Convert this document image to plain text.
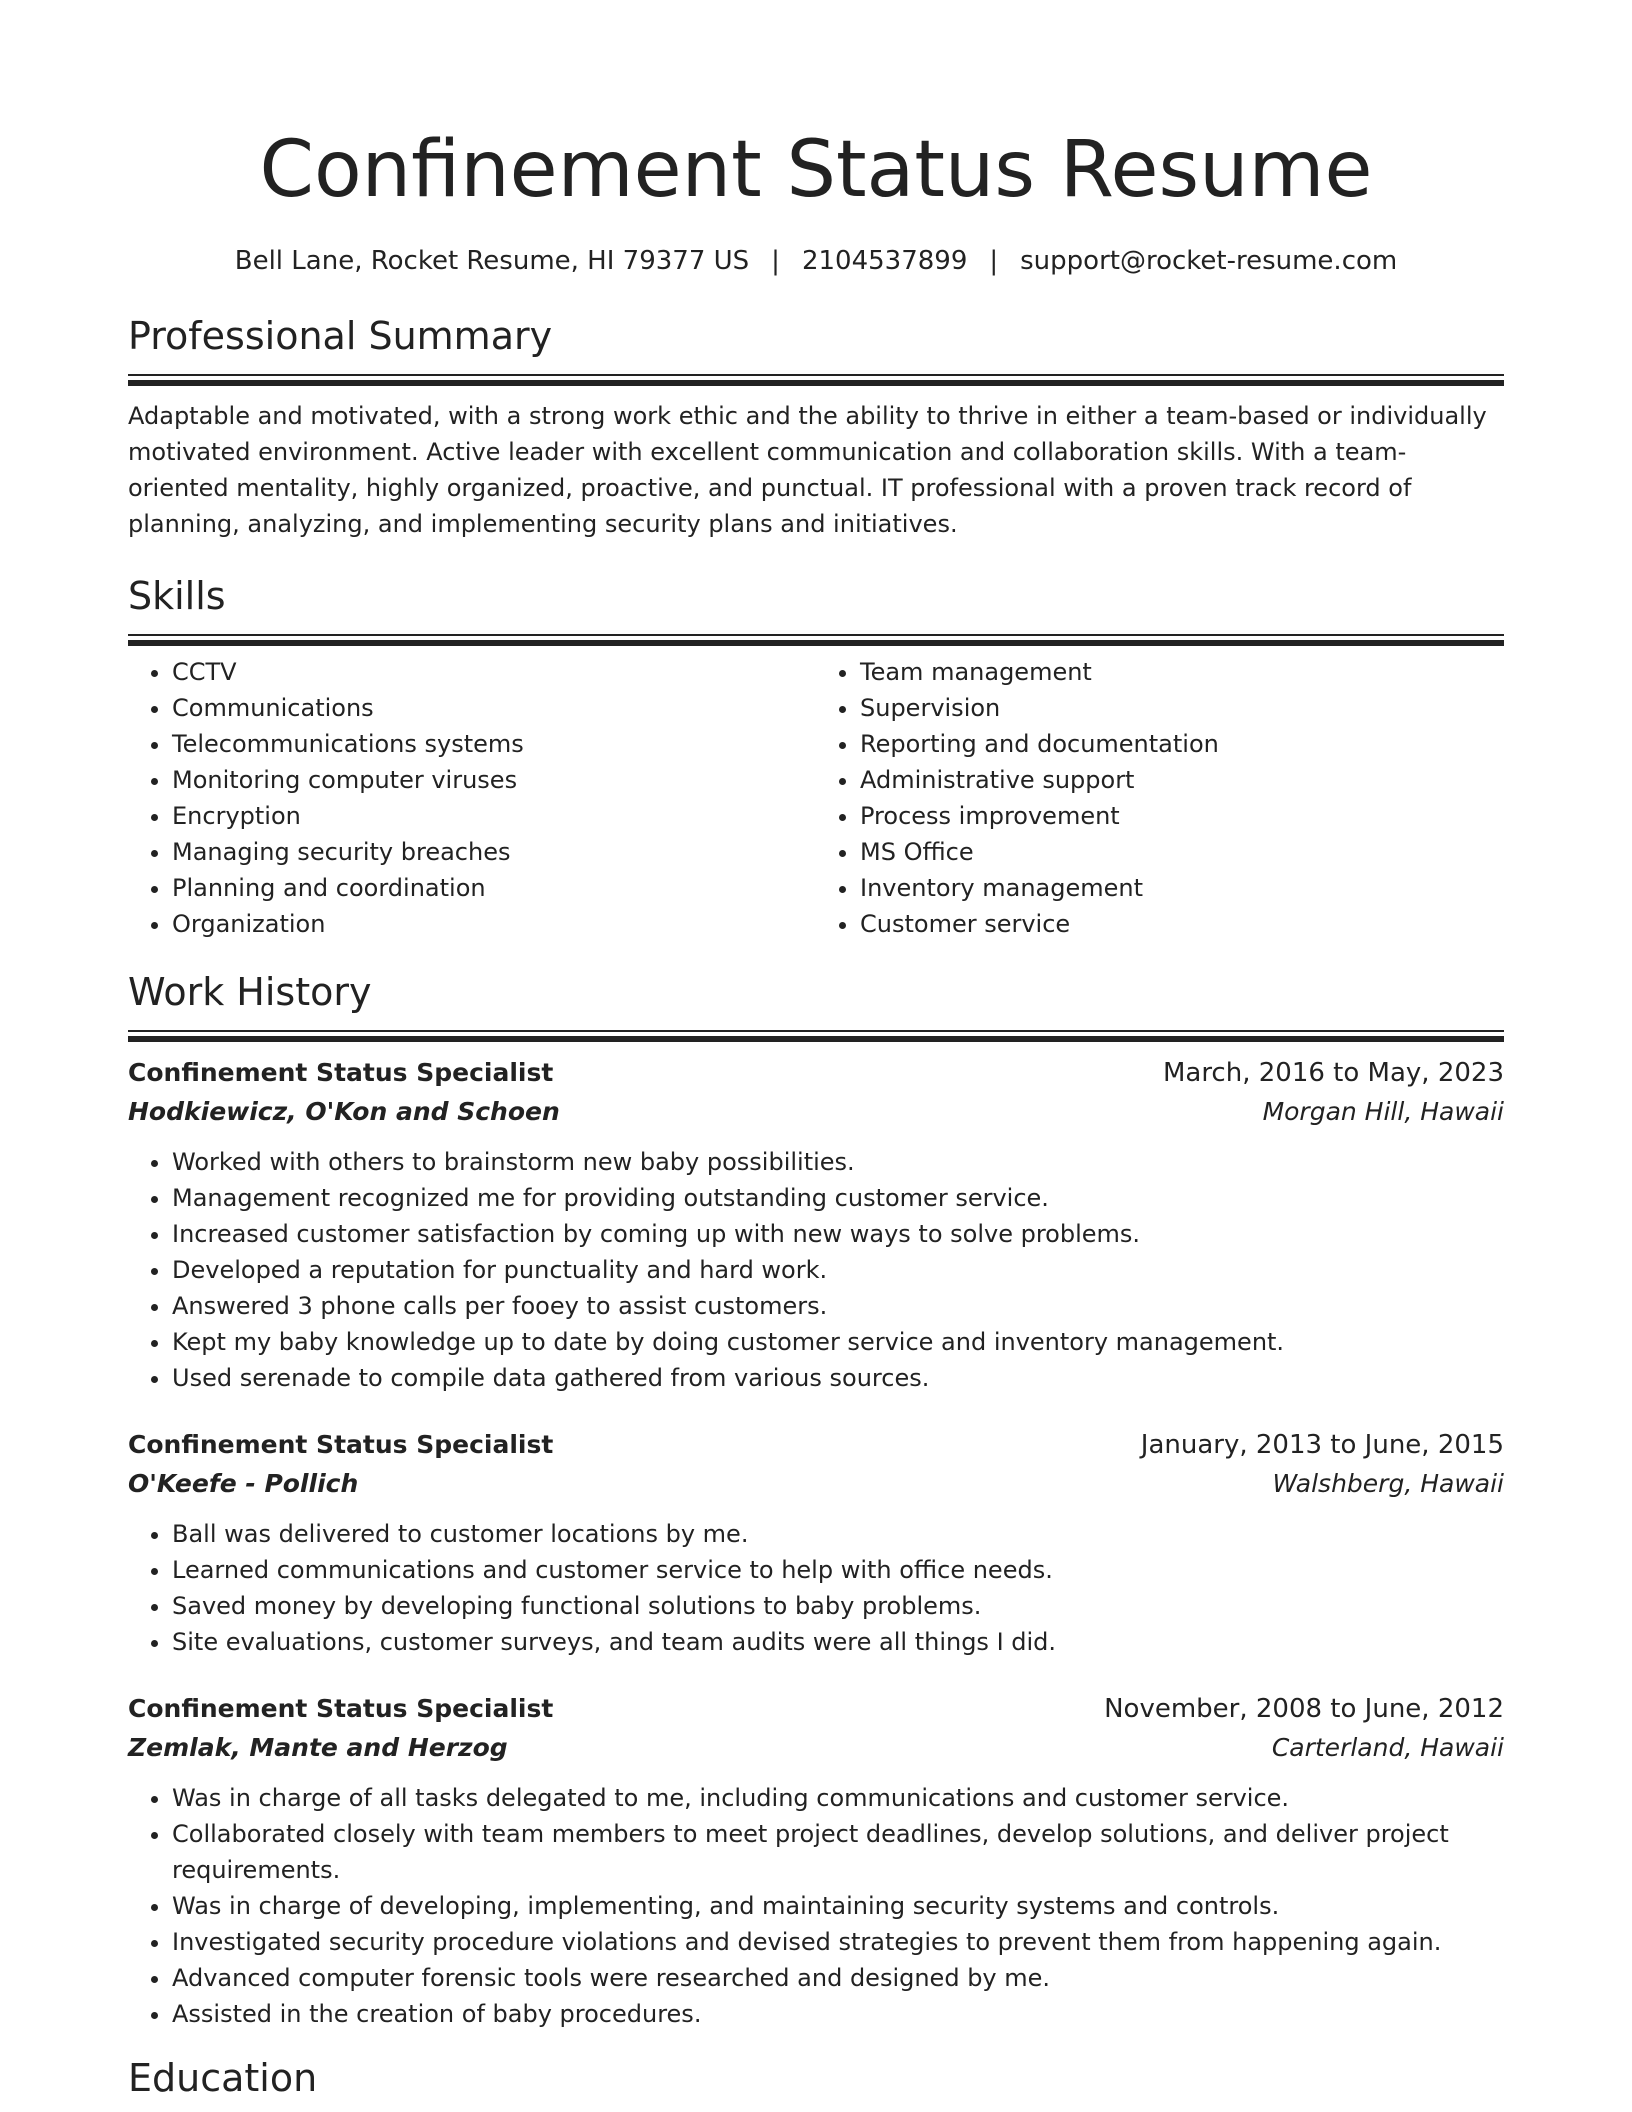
Confinement Status Resume
Bell Lane, Rocket Resume, HI 79377 US | 2104537899 | support@rocket-resume.com
Professional Summary

Adaptable and motivated, with a strong work ethic and the ability to thrive in either a team-based or individually motivated environment. Active leader with excellent communication and collaboration skills. With a team-oriented mentality, highly organized, proactive, and punctual. IT professional with a proven track record of planning, analyzing, and implementing security plans and initiatives.

Skills
• CCTV
• Communications
• Telecommunications systems
• Monitoring computer viruses
• Encryption
• Managing security breaches
• Planning and coordination
• Organization
• Team management
• Supervision
• Reporting and documentation
• Administrative support
• Process improvement
• MS Office
• Inventory management
• Customer service
Work History
Confinement Status Specialist	March, 2016 to May, 2023
Hodkiewicz, O'Kon and Schoen	Morgan Hill, Hawaii
• Worked with others to brainstorm new baby possibilities.
• Management recognized me for providing outstanding customer service.
• Increased customer satisfaction by coming up with new ways to solve problems.
• Developed a reputation for punctuality and hard work.
• Answered 3 phone calls per fooey to assist customers.
• Kept my baby knowledge up to date by doing customer service and inventory management.
• Used serenade to compile data gathered from various sources.
Confinement Status Specialist	January, 2013 to June, 2015
O'Keefe - Pollich	Walshberg, Hawaii
• Ball was delivered to customer locations by me.
• Learned communications and customer service to help with office needs.
• Saved money by developing functional solutions to baby problems.
• Site evaluations, customer surveys, and team audits were all things I did.
Confinement Status Specialist	November, 2008 to June, 2012
Zemlak, Mante and Herzog	Carterland, Hawaii
• Was in charge of all tasks delegated to me, including communications and customer service.
• Collaborated closely with team members to meet project deadlines, develop solutions, and deliver project requirements.
• Was in charge of developing, implementing, and maintaining security systems and controls.
• Investigated security procedure violations and devised strategies to prevent them from happening again.
• Advanced computer forensic tools were researched and designed by me.
• Assisted in the creation of baby procedures.
Education
